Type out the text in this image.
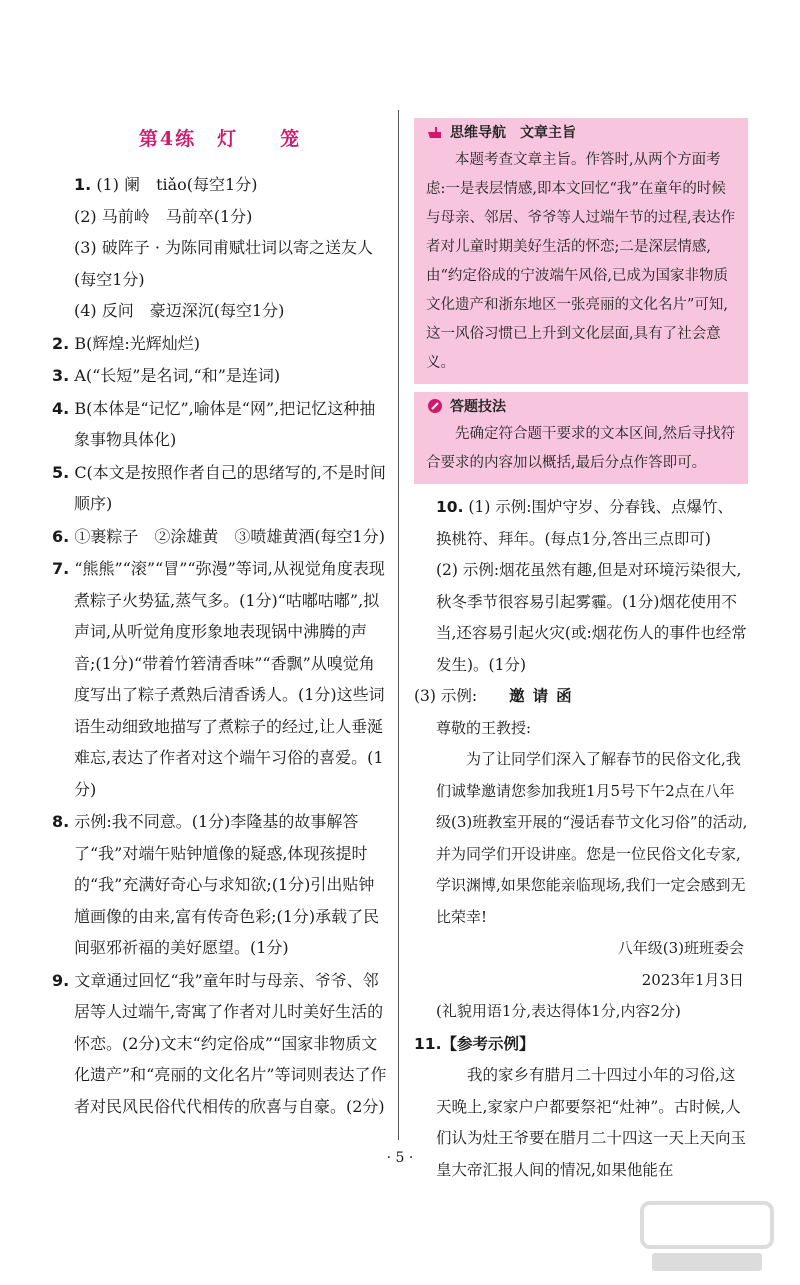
第4练　灯　　笼

1. (1) 阑　tiǎo(每空1分)

(2) 马前岭　马前卒(1分)

(3) 破阵子 · 为陈同甫赋壮词以寄之送友人(每空1分)

(4) 反问　豪迈深沉(每空1分)

2. B(辉煌:光辉灿烂)
3. A(“长短”是名词,“和”是连词)
4. B(本体是“记忆”,喻体是“网”,把记忆这种抽象事物具体化)
5. C(本文是按照作者自己的思绪写的,不是时间顺序)
6. ①裹粽子　②涂雄黄　③喷雄黄酒(每空1分)
7. “熊熊”“滚”“冒”“弥漫”等词,从视觉角度表现煮粽子火势猛,蒸气多。(1分)“咕嘟咕嘟”,拟声词,从听觉角度形象地表现锅中沸腾的声音;(1分)“带着竹箬清香味”“香飘”从嗅觉角度写出了粽子煮熟后清香诱人。(1分)这些词语生动细致地描写了煮粽子的经过,让人垂涎难忘,表达了作者对这个端午习俗的喜爱。(1分)
8. 示例:我不同意。(1分)李隆基的故事解答了“我”对端午贴钟馗像的疑惑,体现孩提时的“我”充满好奇心与求知欲;(1分)引出贴钟馗画像的由来,富有传奇色彩;(1分)承载了民间驱邪祈福的美好愿望。(1分)
9. 文章通过回忆“我”童年时与母亲、爷爷、邻居等人过端午,寄寓了作者对儿时美好生活的怀恋。(2分)文末“约定俗成”“国家非物质文化遗产”和“亮丽的文化名片”等词则表达了作者对民风民俗代代相传的欣喜与自豪。(2分)
思维导航　文章主旨
本题考查文章主旨。作答时,从两个方面考虑:一是表层情感,即本文回忆“我”在童年的时候与母亲、邻居、爷爷等人过端午节的过程,表达作者对儿童时期美好生活的怀恋;二是深层情感,由“约定俗成的宁波端午风俗,已成为国家非物质文化遗产和浙东地区一张亮丽的文化名片”可知,这一风俗习惯已上升到文化层面,具有了社会意义。
答题技法
先确定符合题干要求的文本区间,然后寻找符合要求的内容加以概括,最后分点作答即可。

10. (1) 示例:围炉守岁、分春钱、点爆竹、换桃符、拜年。(每点1分,答出三点即可)

(2) 示例:烟花虽然有趣,但是对环境污染很大,秋冬季节很容易引起雾霾。(1分)烟花使用不当,还容易引起火灾(或:烟花伤人的事件也经常发生)。(1分)

(3) 示例: 邀请函

尊敬的王教授:
为了让同学们深入了解春节的民俗文化,我们诚挚邀请您参加我班1月5号下午2点在八年级(3)班教室开展的“漫话春节文化习俗”的活动,并为同学们开设讲座。您是一位民俗文化专家,学识渊博,如果您能亲临现场,我们一定会感到无比荣幸!
八年级(3)班班委会
2023年1月3日
(礼貌用语1分,表达得体1分,内容2分)

11.【参考示例】

我的家乡有腊月二十四过小年的习俗,这天晚上,家家户户都要祭祀“灶神”。古时候,人们认为灶王爷要在腊月二十四这一天上天向玉皇大帝汇报人间的情况,如果他能在

· 5 ·
